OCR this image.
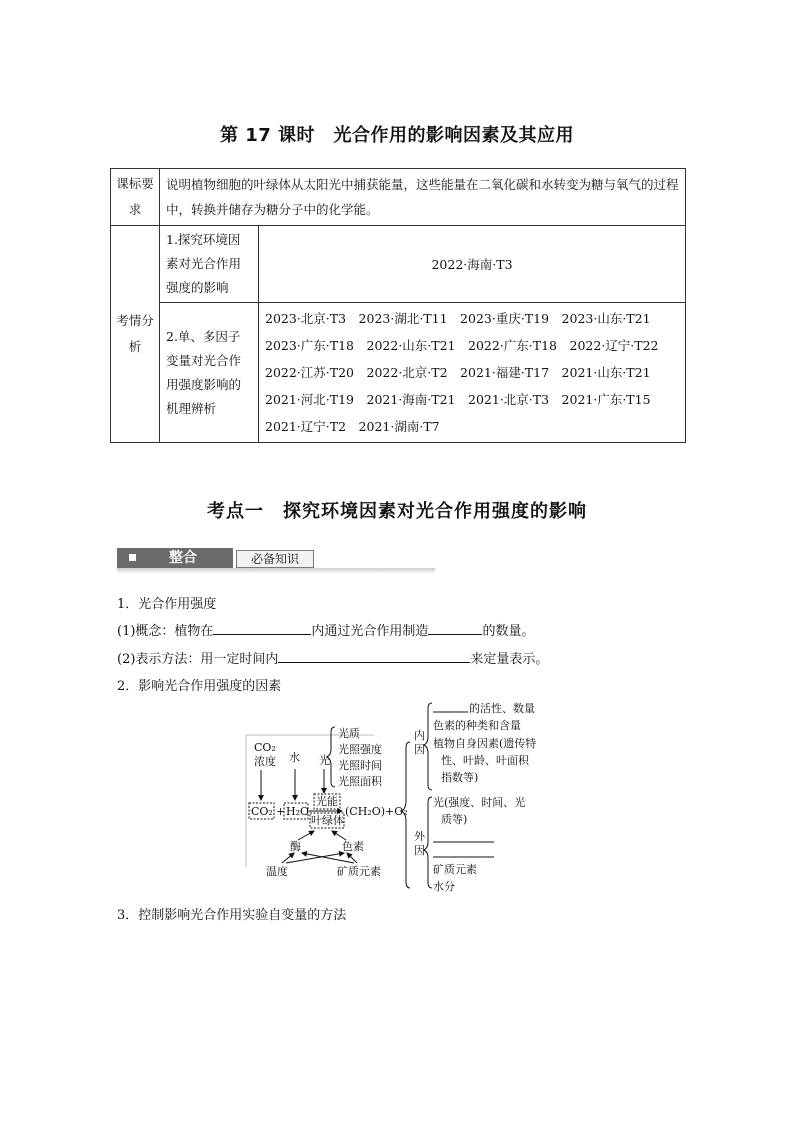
第 17 课时　光合作用的影响因素及其应用
课标要求	说明植物细胞的叶绿体从太阳光中捕获能量，这些能量在二氧化碳和水转变为糖与氧气的过程中，转换并储存为糖分子中的化学能。	
考情分析	1.探究环境因素对光合作用强度的影响	2022·海南·T3
	2.单、多因子变量对光合作用强度影响的机理辨析	2023·北京·T3　2023·湖北·T11　2023·重庆·T19　2023·山东·T21
2023·广东·T18　2022·山东·T21　2022·广东·T18　2022·辽宁·T22
2022·江苏·T20　2022·北京·T2　2021·福建·T17　2021·山东·T21
2021·河北·T19　2021·海南·T21　2021·北京·T3　2021·广东·T15
2021·辽宁·T2　2021·湖南·T7
考点一　探究环境因素对光合作用强度的影响
整合	必备知识
1．光合作用强度
(1)概念：植物在	内通过光合作用制造	的数量。
(2)表示方法：用一定时间内	来定量表示。
2．影响光合作用强度的因素
CO₂
浓度 水 光
光质
光照强度
光照时间
光照面积
CO₂ + H₂O
光能
叶绿体
(CH₂O)+O₂
酶	色素
温度	矿质元素
内
因
的活性、数量
色素的种类和含量
植物自身因素(遗传特
性、叶龄、叶面积
指数等)
外
因
光(强度、时间、光
质等)
矿质元素
水分
3．控制影响光合作用实验自变量的方法
